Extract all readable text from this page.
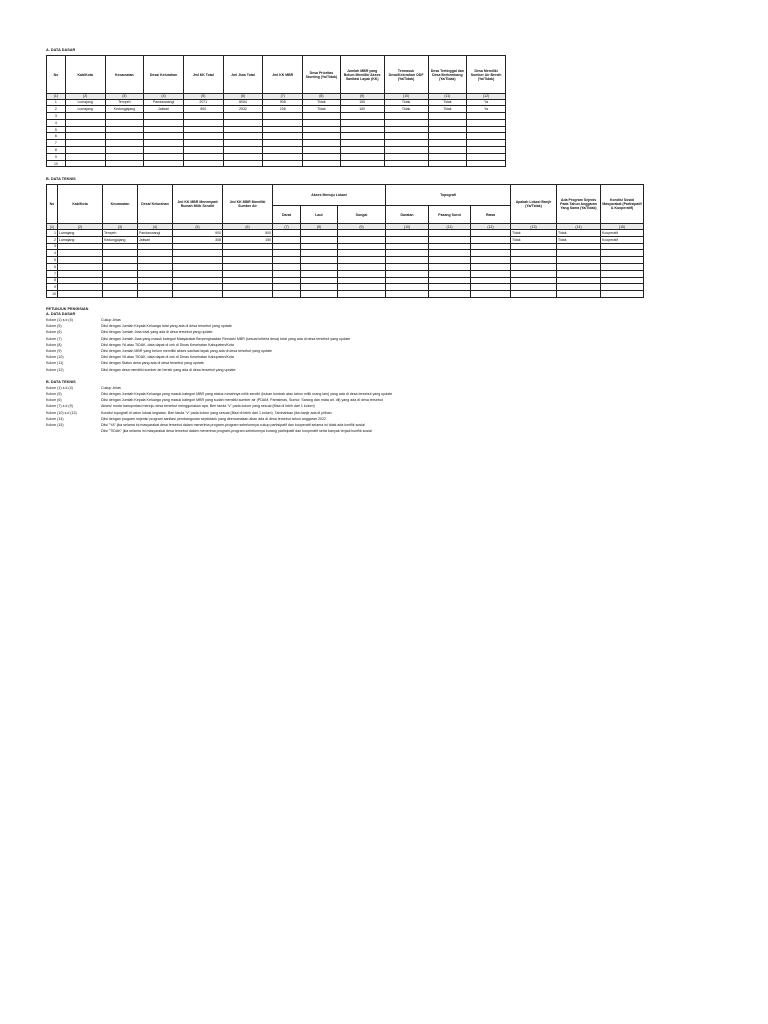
A. DATA DASAR
No	Kab/Kota	Kecamatan	Desa/ Kelurahan	Jml KK Total	Jml Jiwa Total	Jml KK MBR	Desa Prioritas Stunting (Ya/Tidak)	Jumlah MBR yang Belum Memiliki Akses Sanitasi Layak (KK)	Termasuk Desa/Kelurahan ODF (Ya/Tidak)	Desa Tertinggal dan Desa Berkembang (Ya/Tidak)	Desa Memiliki Sumber Air Bersih (Ya/Tidak)
(1)	(2)	(3)	(4)	(5)	(6)	(7)	(8)	(9)	(10)	(11)	(12)
1	Lumajang	Tempeh	Pandanwangi	2071	8054	908	Tidak	150	Tidak	Tidak	Ya
2	Lumajang	Kedungjajang	Jatisari	800	2532	208	Tidak	150	Tidak	Tidak	Ya
3											
4											
5											
6											
7											
8											
9											
10											
B. DATA TEKNIS
No	Kab/Kota	Kecamatan	Desa/ Kelurahan	Jml KK MBR Menempati Rumah Milik Sendiri	Jml KK MBR Memiliki Sumber Air	Akses Menuju Lokasi			Topografi			Apakah Lokasi Banjir (Ya/Tidak)	Ada Program Sejenis Pada Tahun Anggaran Yang Sama (Ya/Tidak)	Kondisi Sosial Masyarakat (Partisipatif & Kooperatif)
						Darat	Laut	Sungai	Daratan	Pasang Surut	Rawa			
(1)	(2)	(3)	(4)	(5)	(6)	(7)	(8)	(9)	(10)	(11)	(12)	(13)	(14)	(15)
1	Lumajang	Tempeh	Pandanwangi	900	500							Tidak	Tidak	Kooperatif
2	Lumajang	Kedungjajang	Jatisari	308	150							Tidak	Tidak	Kooperatif
3														
4														
5														
6														
7														
8														
9														
10														
PETUNJUK PENGISIAN
A. DATA DASAR
Kolom (1) s.d (4)	Cukup Jelas
Kolom (5)	Diisi dengan Jumlah Kepala Keluarga total yang ada di desa tersebut yang update
Kolom (6)	Diisi dengan Jumlah Jiwa total yang ada di desa tersebut yang update
Kolom (7)	Diisi dengan Jumlah Jiwa yang masuk kategori Masyarakat Berpenghasilan Rendah/ MBR (sesuai kriteria desa) total yang ada di desa tersebut yang update
Kolom (8)	Diisi dengan YA atau TIDAK, data dapat di cek di Dinas Kesehatan Kabupaten/Kota
Kolom (9)	Diisi dengan Jumlah MBR yang belum memiliki akses sanitasi layak yang ada di desa tersebut yang update
Kolom (10)	Diisi dengan YA atau TIDAK, data dapat di cek di Dinas Kesehatan Kabupaten/Kota
Kolom (11)	Diisi dengan Status desa yang ada di desa tersebut yang update
Kolom (12)	Diisi dengan desa memiliki sumber air bersih yang ada di desa tersebut yang update
B. DATA TEKNIS
Kolom (1) s.d (4)	Cukup Jelas
Kolom (5)	Diisi dengan Jumlah Kepala Keluarga yang masuk kategori MBR yang status rumahnya milik sendiri (bukan kontrak atau tahun milik orang lain) yang ada di desa tersebut yang update
Kolom (6)	Diisi dengan Jumlah Kepala Keluarga yang masuk kategori MBR yang sudah memiliki sumber air (PDAM, Pamsimas, Sumur, Sarang dan mata air, dll) yang ada di desa tersebut
Kolom (7) s.d (9)	Akses/ moda transportasi menuju desa tersebut menggunakan apa. Beri tanda "v" pada kolom yang sesuai (Bisa di lebih dari 1 kolom)
Kolom (10) s.d (13)	Kondisi topografi di calon lokasi kegiatan. Beri tanda "v" pada kolom yang sesuai (Bisa di lebih dari 1 kolom). Tambahkan jika banjir ada di pilihan
Kolom (14)	Diisi dengan program sejenis/ program sanitasi pembangunan septictank yang direncanakan akan ada di desa tersebut tahun anggaran 2022
Kolom (15)	Diisi "YA" jika selama ini masyarakat desa tersebut dalam menerima program-program sebelumnya cukup partisipatif dan kooperatif selama ini tidak ada konflik sosial
Diisi "TIDAK" jika selama ini masyarakat desa tersebut dalam menerima program-program sebelumnya kurang partisipatif dan kooperatif serta banyak terjadi konflik sosial
